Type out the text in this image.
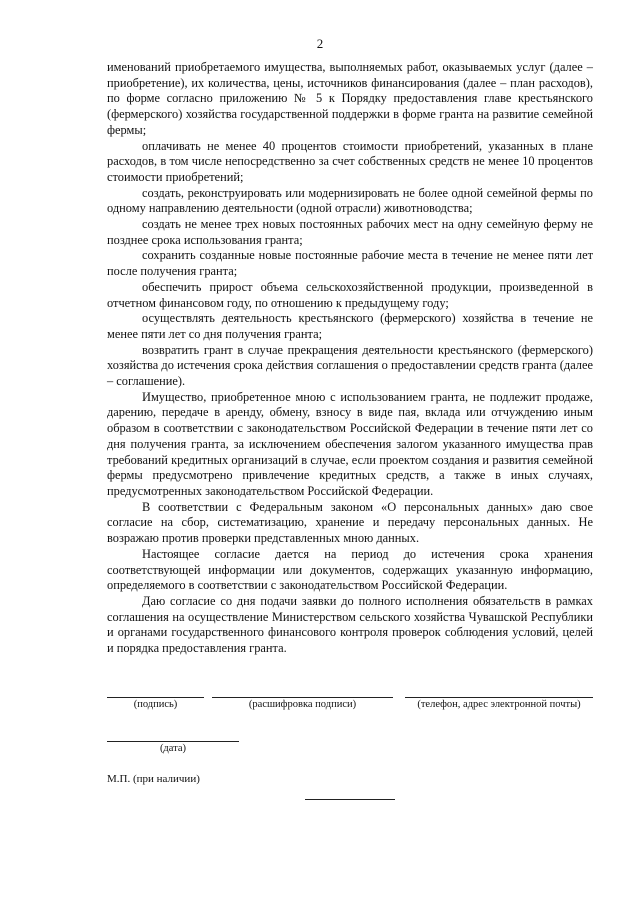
2

именований приобретаемого имущества, выполняемых работ, оказываемых услуг (далее – приобретение), их количества, цены, источников финансирования (далее – план расходов), по форме согласно приложению № 5 к Порядку предоставления главе крестьянского (фермерского) хозяйства государственной поддержки в форме гранта на развитие семейной фермы;

оплачивать не менее 40 процентов стоимости приобретений, указанных в плане расходов, в том числе непосредственно за счет собственных средств не менее 10 процентов стоимости приобретений;

создать, реконструировать или модернизировать не более одной семейной фермы по одному направлению деятельности (одной отрасли) животноводства;

создать не менее трех новых постоянных рабочих мест на одну семейную ферму не позднее срока использования гранта;

сохранить созданные новые постоянные рабочие места в течение не менее пяти лет после получения гранта;

обеспечить прирост объема сельскохозяйственной продукции, произведенной в отчетном финансовом году, по отношению к предыдущему году;

осуществлять деятельность крестьянского (фермерского) хозяйства в течение не менее пяти лет со дня получения гранта;

возвратить грант в случае прекращения деятельности крестьянского (фермерского) хозяйства до истечения срока действия соглашения о предоставлении средств гранта (далее – соглашение).

Имущество, приобретенное мною с использованием гранта, не подлежит продаже, дарению, передаче в аренду, обмену, взносу в виде пая, вклада или отчуждению иным образом в соответствии с законодательством Российской Федерации в течение пяти лет со дня получения гранта, за исключением обеспечения залогом указанного имущества прав требований кредитных организаций в случае, если проектом создания и развития семейной фермы предусмотрено привлечение кредитных средств, а также в иных случаях, предусмотренных законодательством Российской Федерации.

В соответствии с Федеральным законом «О персональных данных» даю свое согласие на сбор, систематизацию, хранение и передачу персональных данных. Не возражаю против проверки представленных мною данных.

Настоящее согласие дается на период до истечения срока хранения соответствующей информации или документов, содержащих указанную информацию, определяемого в соответствии с законодательством Российской Федерации.

Даю согласие со дня подачи заявки до полного исполнения обязательств в рамках соглашения на осуществление Министерством сельского хозяйства Чувашской Республики и органами государственного финансового контроля проверок соблюдения условий, целей и порядка предоставления гранта.

(подпись)	(расшифровка подписи)	(телефон, адрес электронной почты)
(дата)
М.П. (при наличии)
